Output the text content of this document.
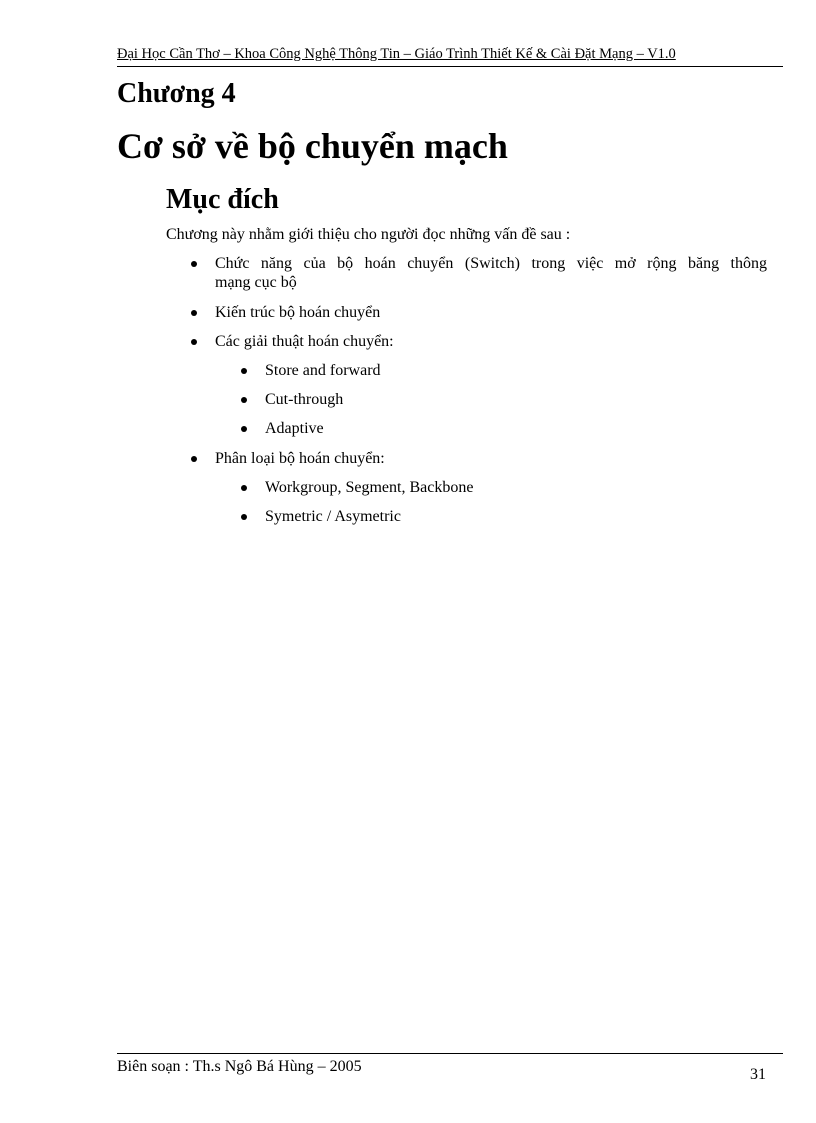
Đại Học Cần Thơ – Khoa Công Nghệ Thông Tin – Giáo Trình Thiết Kế & Cài Đặt Mạng – V1.0
Chương 4
Cơ sở về bộ chuyển mạch
Mục đích
Chương này nhằm giới thiệu cho người đọc những vấn đề sau :
Chức năng của bộ hoán chuyển (Switch) trong việc mở rộng băng thông
mạng cục bộ
Kiến trúc bộ hoán chuyển
Các giải thuật hoán chuyển:
Store and forward
Cut-through
Adaptive
Phân loại bộ hoán chuyển:
Workgroup, Segment, Backbone
Symetric / Asymetric
Biên soạn : Th.s Ngô Bá Hùng – 2005	31
